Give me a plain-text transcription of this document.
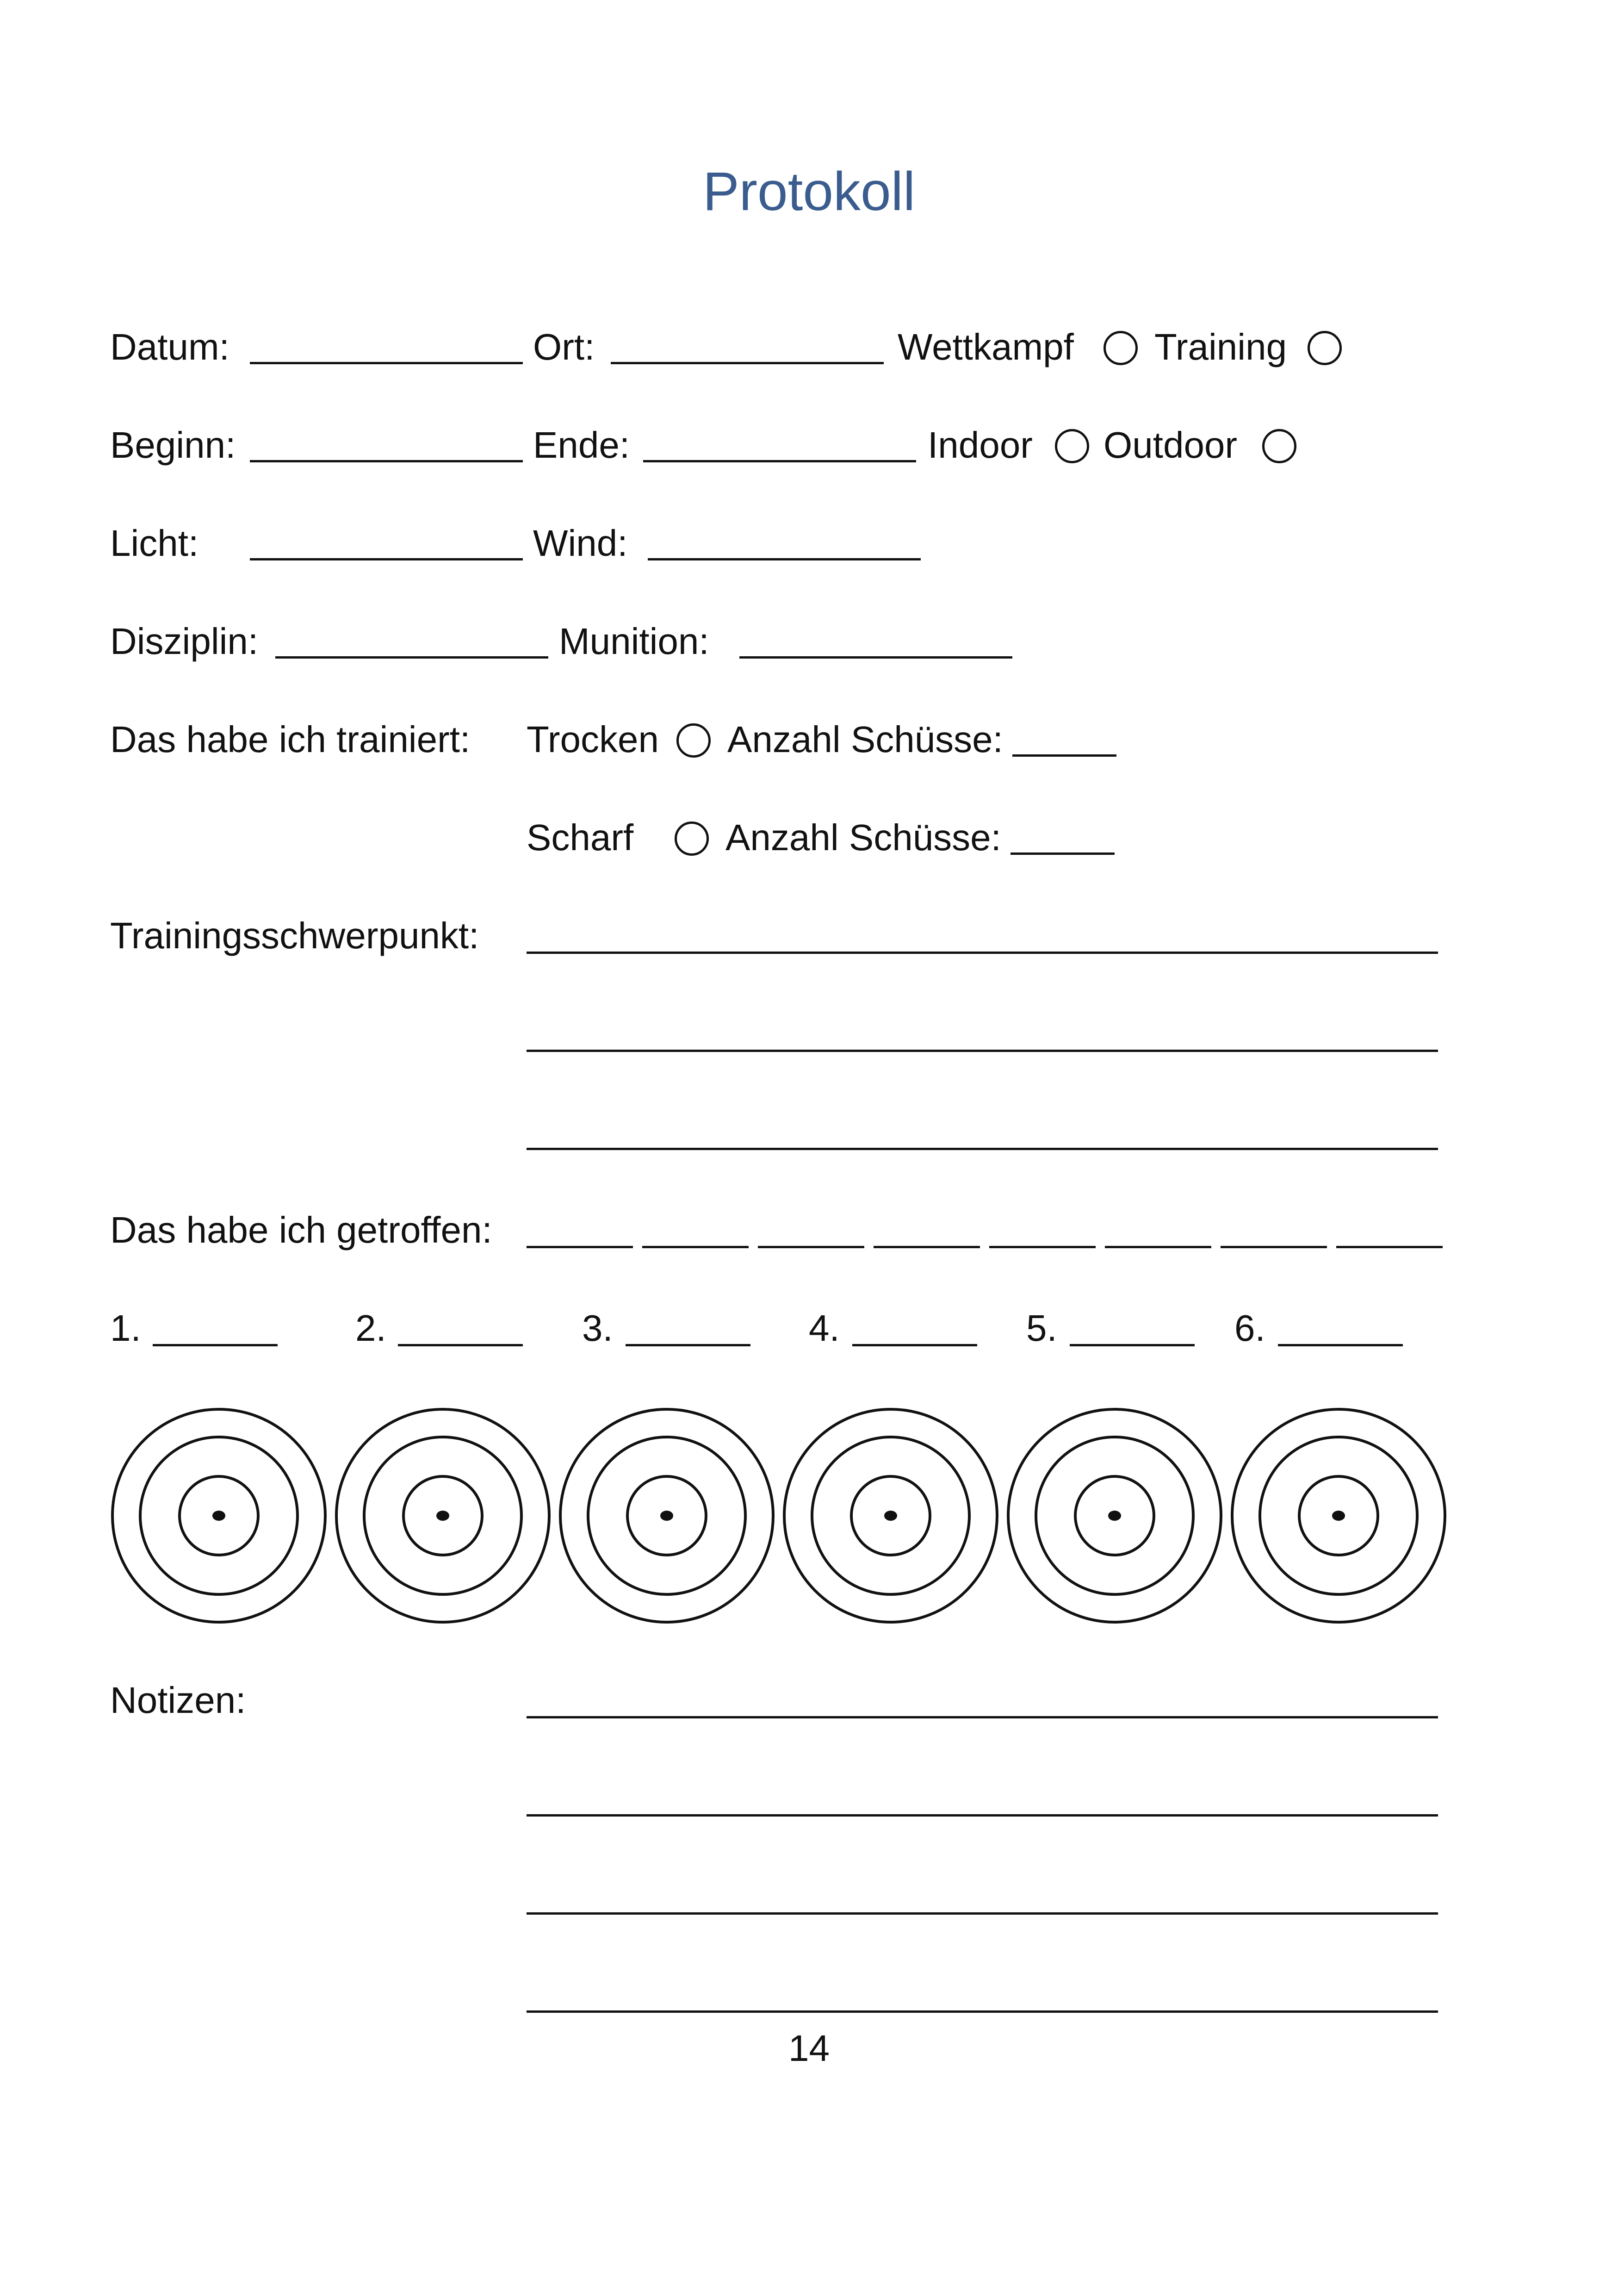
Protokoll
Datum:	Ort:	Wettkampf Training
Beginn:	Ende:	Indoor Outdoor
Licht:	Wind:
Disziplin:	Munition:
Das habe ich trainiert: Trocken Anzahl Schüsse:
Scharf Anzahl Schüsse:
Trainingsschwerpunkt:
Das habe ich getroffen:
1.	2.	3.	4.	5.	6.
Notizen:
14
